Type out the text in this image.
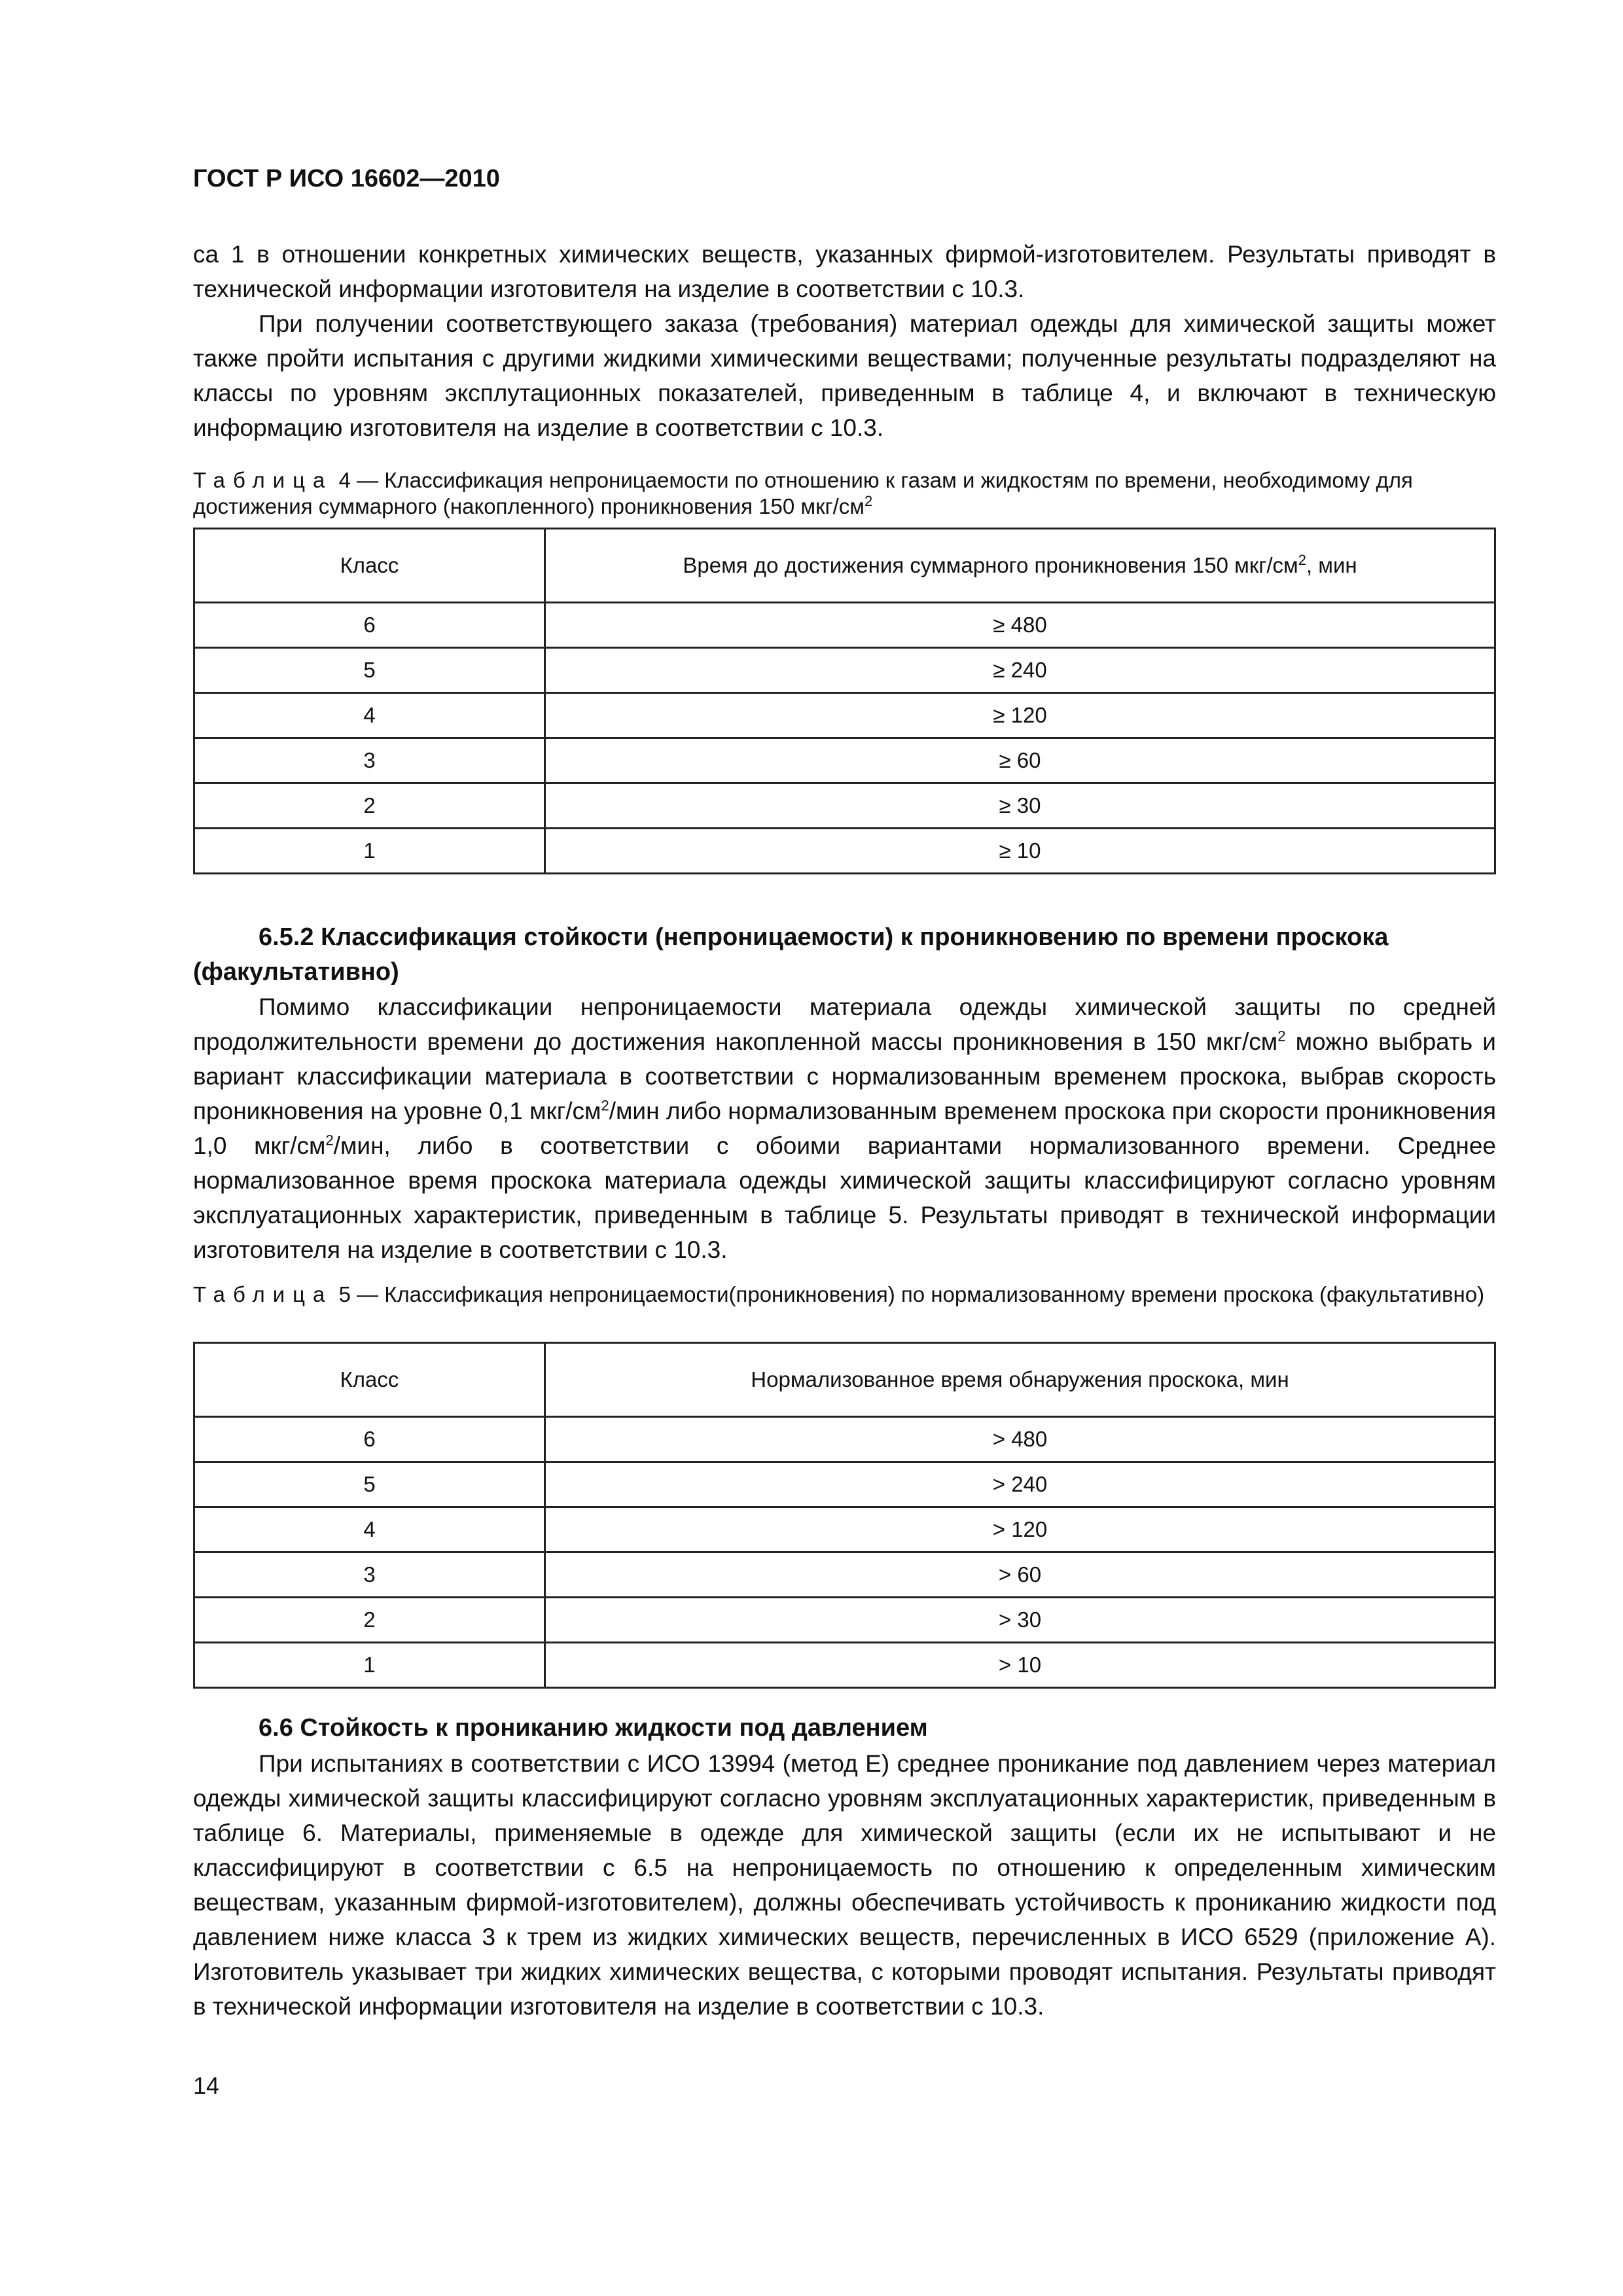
ГОСТ Р ИСО 16602—2010

са 1 в отношении конкретных химических веществ, указанных фирмой-изготовителем. Результаты приводят в технической информации изготовителя на изделие в соответствии с 10.3.

При получении соответствующего заказа (требования) материал одежды для химической защиты может также пройти испытания с другими жидкими химическими веществами; полученные результаты подразделяют на классы по уровням эксплутационных показателей, приведенным в таблице 4, и включают в техническую информацию изготовителя на изделие в соответствии с 10.3.

Таблица 4 — Классификация непроницаемости по отношению к газам и жидкостям по времени, необходимому для достижения суммарного (накопленного) проникновения 150 мкг/$см^2$
Класс	Время до достижения суммарного проникновения 150 мкг/$см^2$, мин
6	≥ 480
5	≥ 240
4	≥ 120
3	≥ 60
2	≥ 30
1	≥ 10
6.5.2 Классификация стойкости (непроницаемости) к проникновению по времени проскока (факультативно)

Помимо классификации непроницаемости материала одежды химической защиты по средней продолжительности времени до достижения накопленной массы проникновения в 150 мкг/$см^2$ можно выбрать и вариант классификации материала в соответствии с нормализованным временем проскока, выбрав скорость проникновения на уровне 0,1 мкг/$см^2$/мин либо нормализованным временем проскока при скорости проникновения 1,0 мкг/$см^2$/мин, либо в соответствии с обоими вариантами нормализованного времени. Среднее нормализованное время проскока материала одежды химической защиты классифицируют согласно уровням эксплуатационных характеристик, приведенным в таблице 5. Результаты приводят в технической информации изготовителя на изделие в соответствии с 10.3.

Таблица 5 — Классификация непроницаемости(проникновения) по нормализованному времени проскока (факультативно)
Класс	Нормализованное время обнаружения проскока, мин
6	> 480
5	> 240
4	> 120
3	> 60
2	> 30
1	> 10
6.6 Стойкость к прониканию жидкости под давлением

При испытаниях в соответствии с ИСО 13994 (метод E) среднее проникание под давлением через материал одежды химической защиты классифицируют согласно уровням эксплуатационных характеристик, приведенным в таблице 6. Материалы, применяемые в одежде для химической защиты (если их не испытывают и не классифицируют в соответствии с 6.5 на непроницаемость по отношению к определенным химическим веществам, указанным фирмой-изготовителем), должны обеспечивать устойчивость к прониканию жидкости под давлением ниже класса 3 к трем из жидких химических веществ, перечисленных в ИСО 6529 (приложение А). Изготовитель указывает три жидких химических вещества, с которыми проводят испытания. Результаты приводят в технической информации изготовителя на изделие в соответствии с 10.3.

14
